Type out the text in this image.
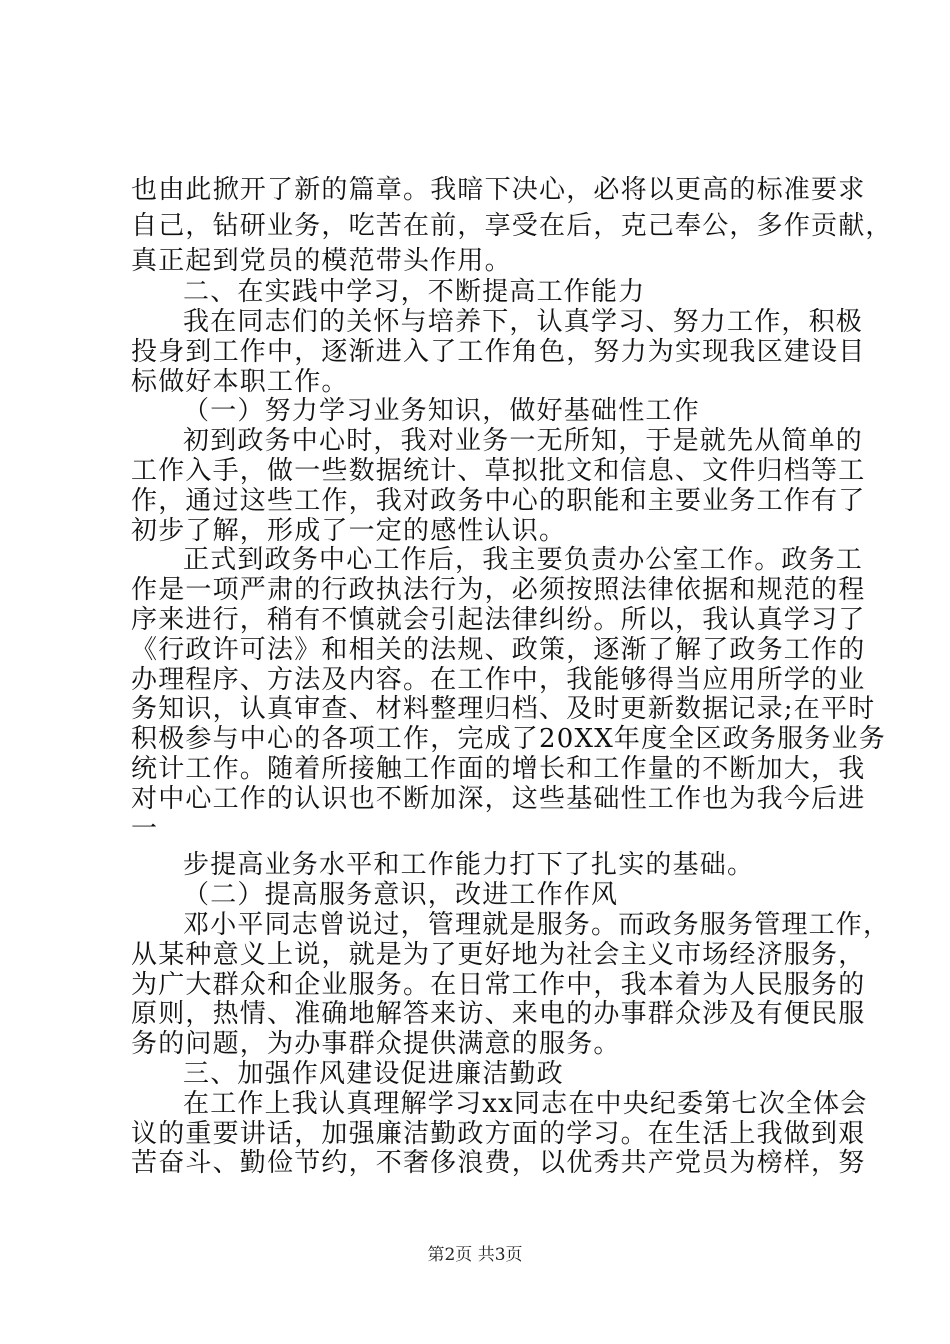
也由此掀开了新的篇章。我暗下决心，必将以更高的标准要求
自己，钻研业务，吃苦在前，享受在后，克己奉公，多作贡献，
真正起到党员的模范带头作用。
二、在实践中学习，不断提高工作能力
我在同志们的关怀与培养下，认真学习、努力工作，积极
投身到工作中，逐渐进入了工作角色，努力为实现我区建设目
标做好本职工作。
（一）努力学习业务知识，做好基础性工作
初到政务中心时，我对业务一无所知，于是就先从简单的
工作入手，做一些数据统计、草拟批文和信息、文件归档等工
作，通过这些工作，我对政务中心的职能和主要业务工作有了
初步了解，形成了一定的感性认识。
正式到政务中心工作后，我主要负责办公室工作。政务工
作是一项严肃的行政执法行为，必须按照法律依据和规范的程
序来进行，稍有不慎就会引起法律纠纷。所以，我认真学习了
《行政许可法》和相关的法规、政策，逐渐了解了政务工作的
办理程序、方法及内容。在工作中，我能够得当应用所学的业
务知识，认真审查、材料整理归档、及时更新数据记录;在平时
积极参与中心的各项工作，完成了20XX年度全区政务服务业务
统计工作。随着所接触工作面的增长和工作量的不断加大，我
对中心工作的认识也不断加深，这些基础性工作也为我今后进
一
步提高业务水平和工作能力打下了扎实的基础。
（二）提高服务意识，改进工作作风
邓小平同志曾说过，管理就是服务。而政务服务管理工作，
从某种意义上说，就是为了更好地为社会主义市场经济服务，
为广大群众和企业服务。在日常工作中，我本着为人民服务的
原则，热情、准确地解答来访、来电的办事群众涉及有便民服
务的问题，为办事群众提供满意的服务。
三、加强作风建设促进廉洁勤政
在工作上我认真理解学习xx同志在中央纪委第七次全体会
议的重要讲话，加强廉洁勤政方面的学习。在生活上我做到艰
苦奋斗、勤俭节约，不奢侈浪费，以优秀共产党员为榜样，努
第2页 共3页
